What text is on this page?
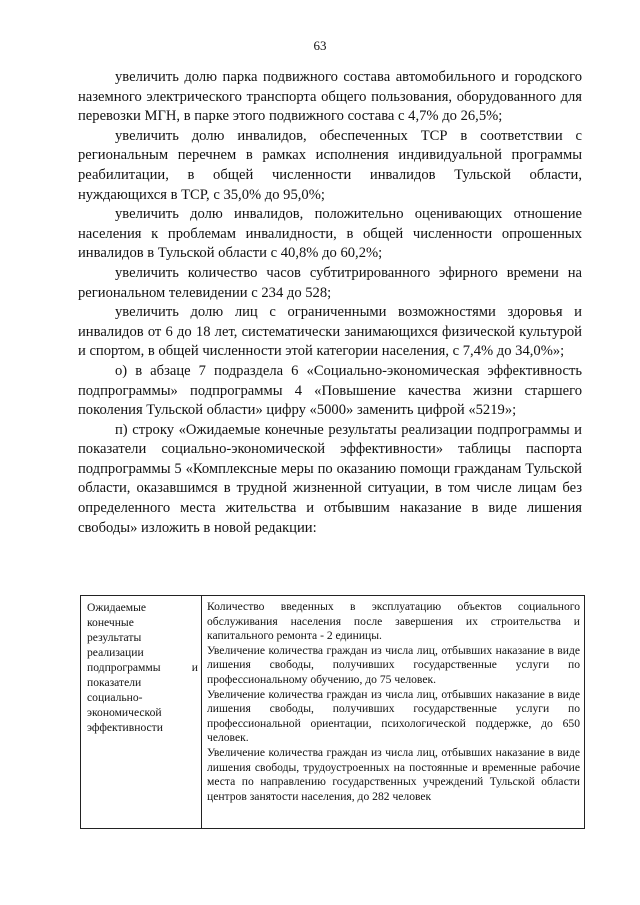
63

увеличить долю парка подвижного состава автомобильного и городского наземного электрического транспорта общего пользования, оборудованного для перевозки МГН, в парке этого подвижного состава с 4,7% до 26,5%;

увеличить долю инвалидов, обеспеченных ТСР в соответствии с региональным перечнем в рамках исполнения индивидуальной программы реабилитации, в общей численности инвалидов Тульской области, нуждающихся в ТСР, с 35,0% до 95,0%;

увеличить долю инвалидов, положительно оценивающих отношение населения к проблемам инвалидности, в общей численности опрошенных инвалидов в Тульской области с 40,8% до 60,2%;

увеличить количество часов субтитрированного эфирного времени на региональном телевидении с 234 до 528;

увеличить долю лиц с ограниченными возможностями здоровья и инвалидов от 6 до 18 лет, систематически занимающихся физической культурой и спортом, в общей численности этой категории населения, с 7,4% до 34,0%»;

о) в абзаце 7 подраздела 6 «Социально-экономическая эффективность подпрограммы» подпрограммы 4 «Повышение качества жизни старшего поколения Тульской области» цифру «5000» заменить цифрой «5219»;

п) строку «Ожидаемые конечные результаты реализации подпрограммы и показатели социально-экономической эффективности» таблицы паспорта подпрограммы 5 «Комплексные меры по оказанию помощи гражданам Тульской области, оказавшимся в трудной жизненной ситуации, в том числе лицам без определенного места жительства и отбывшим наказание в виде лишения свободы» изложить в новой редакции:

Ожидаемые
конечные
результаты
реализации
подпрограммы	и
показатели
социально-
экономической
эффективности

Количество введенных в эксплуатацию объектов социального обслуживания населения после завершения их строительства и капитального ремонта - 2 единицы.

Увеличение количества граждан из числа лиц, отбывших наказание в виде лишения свободы, получивших государственные услуги по профессиональному обучению, до 75 человек.

Увеличение количества граждан из числа лиц, отбывших наказание в виде лишения свободы, получивших государственные услуги по профессиональной ориентации, психологической поддержке, до 650 человек.

Увеличение количества граждан из числа лиц, отбывших наказание в виде лишения свободы, трудоустроенных на постоянные и временные рабочие места по направлению государственных учреждений Тульской области центров занятости населения, до 282 человек
